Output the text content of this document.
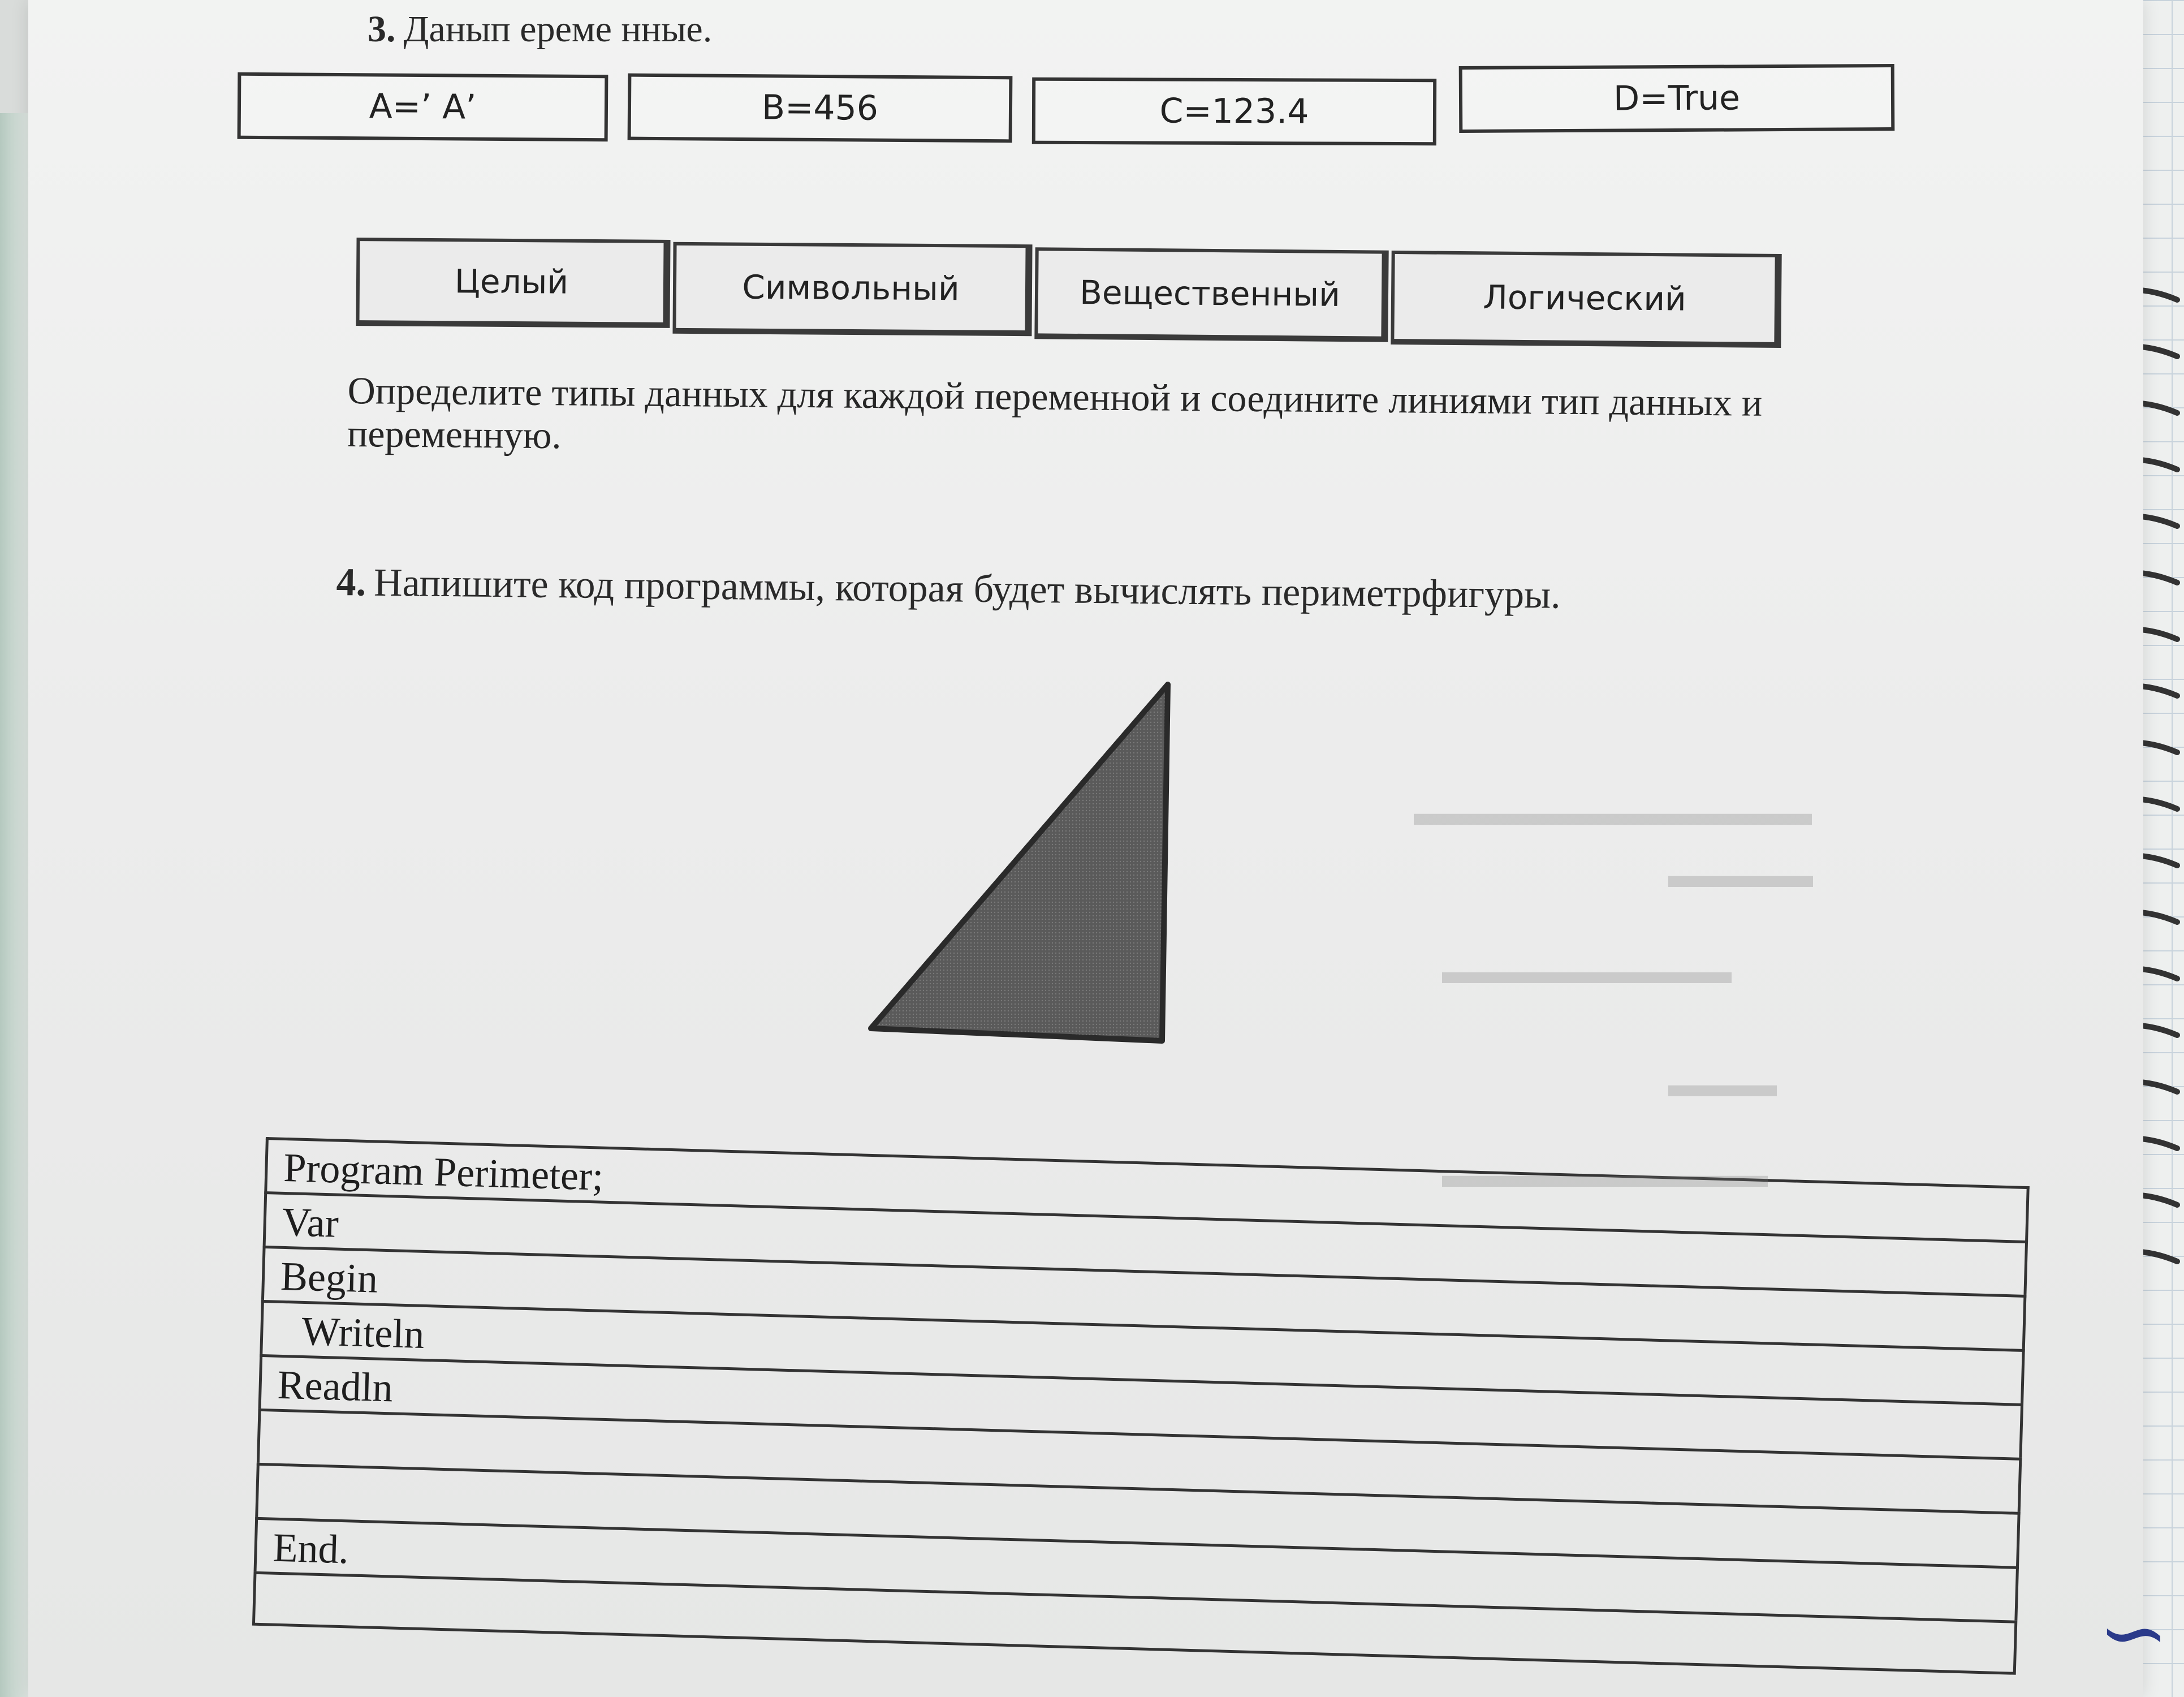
3. Данып ереме нные.
A=’ A’	B=456	C=123.4	D=True
Целый	Символьный	Вещественный	Логический
Определите типы данных для каждой переменной и соедините линиями тип данных и
переменную.
4. Напишите код программы, которая будет вычислять периметрфигуры.
Program Perimeter;
Var
Begin
Writeln
Readln
End.
▬▬▬▬▬▬▬▬▬▬▬
▬▬▬▬
▬▬▬▬▬▬▬▬
▬▬▬
▬▬▬▬▬▬▬▬▬
∽
